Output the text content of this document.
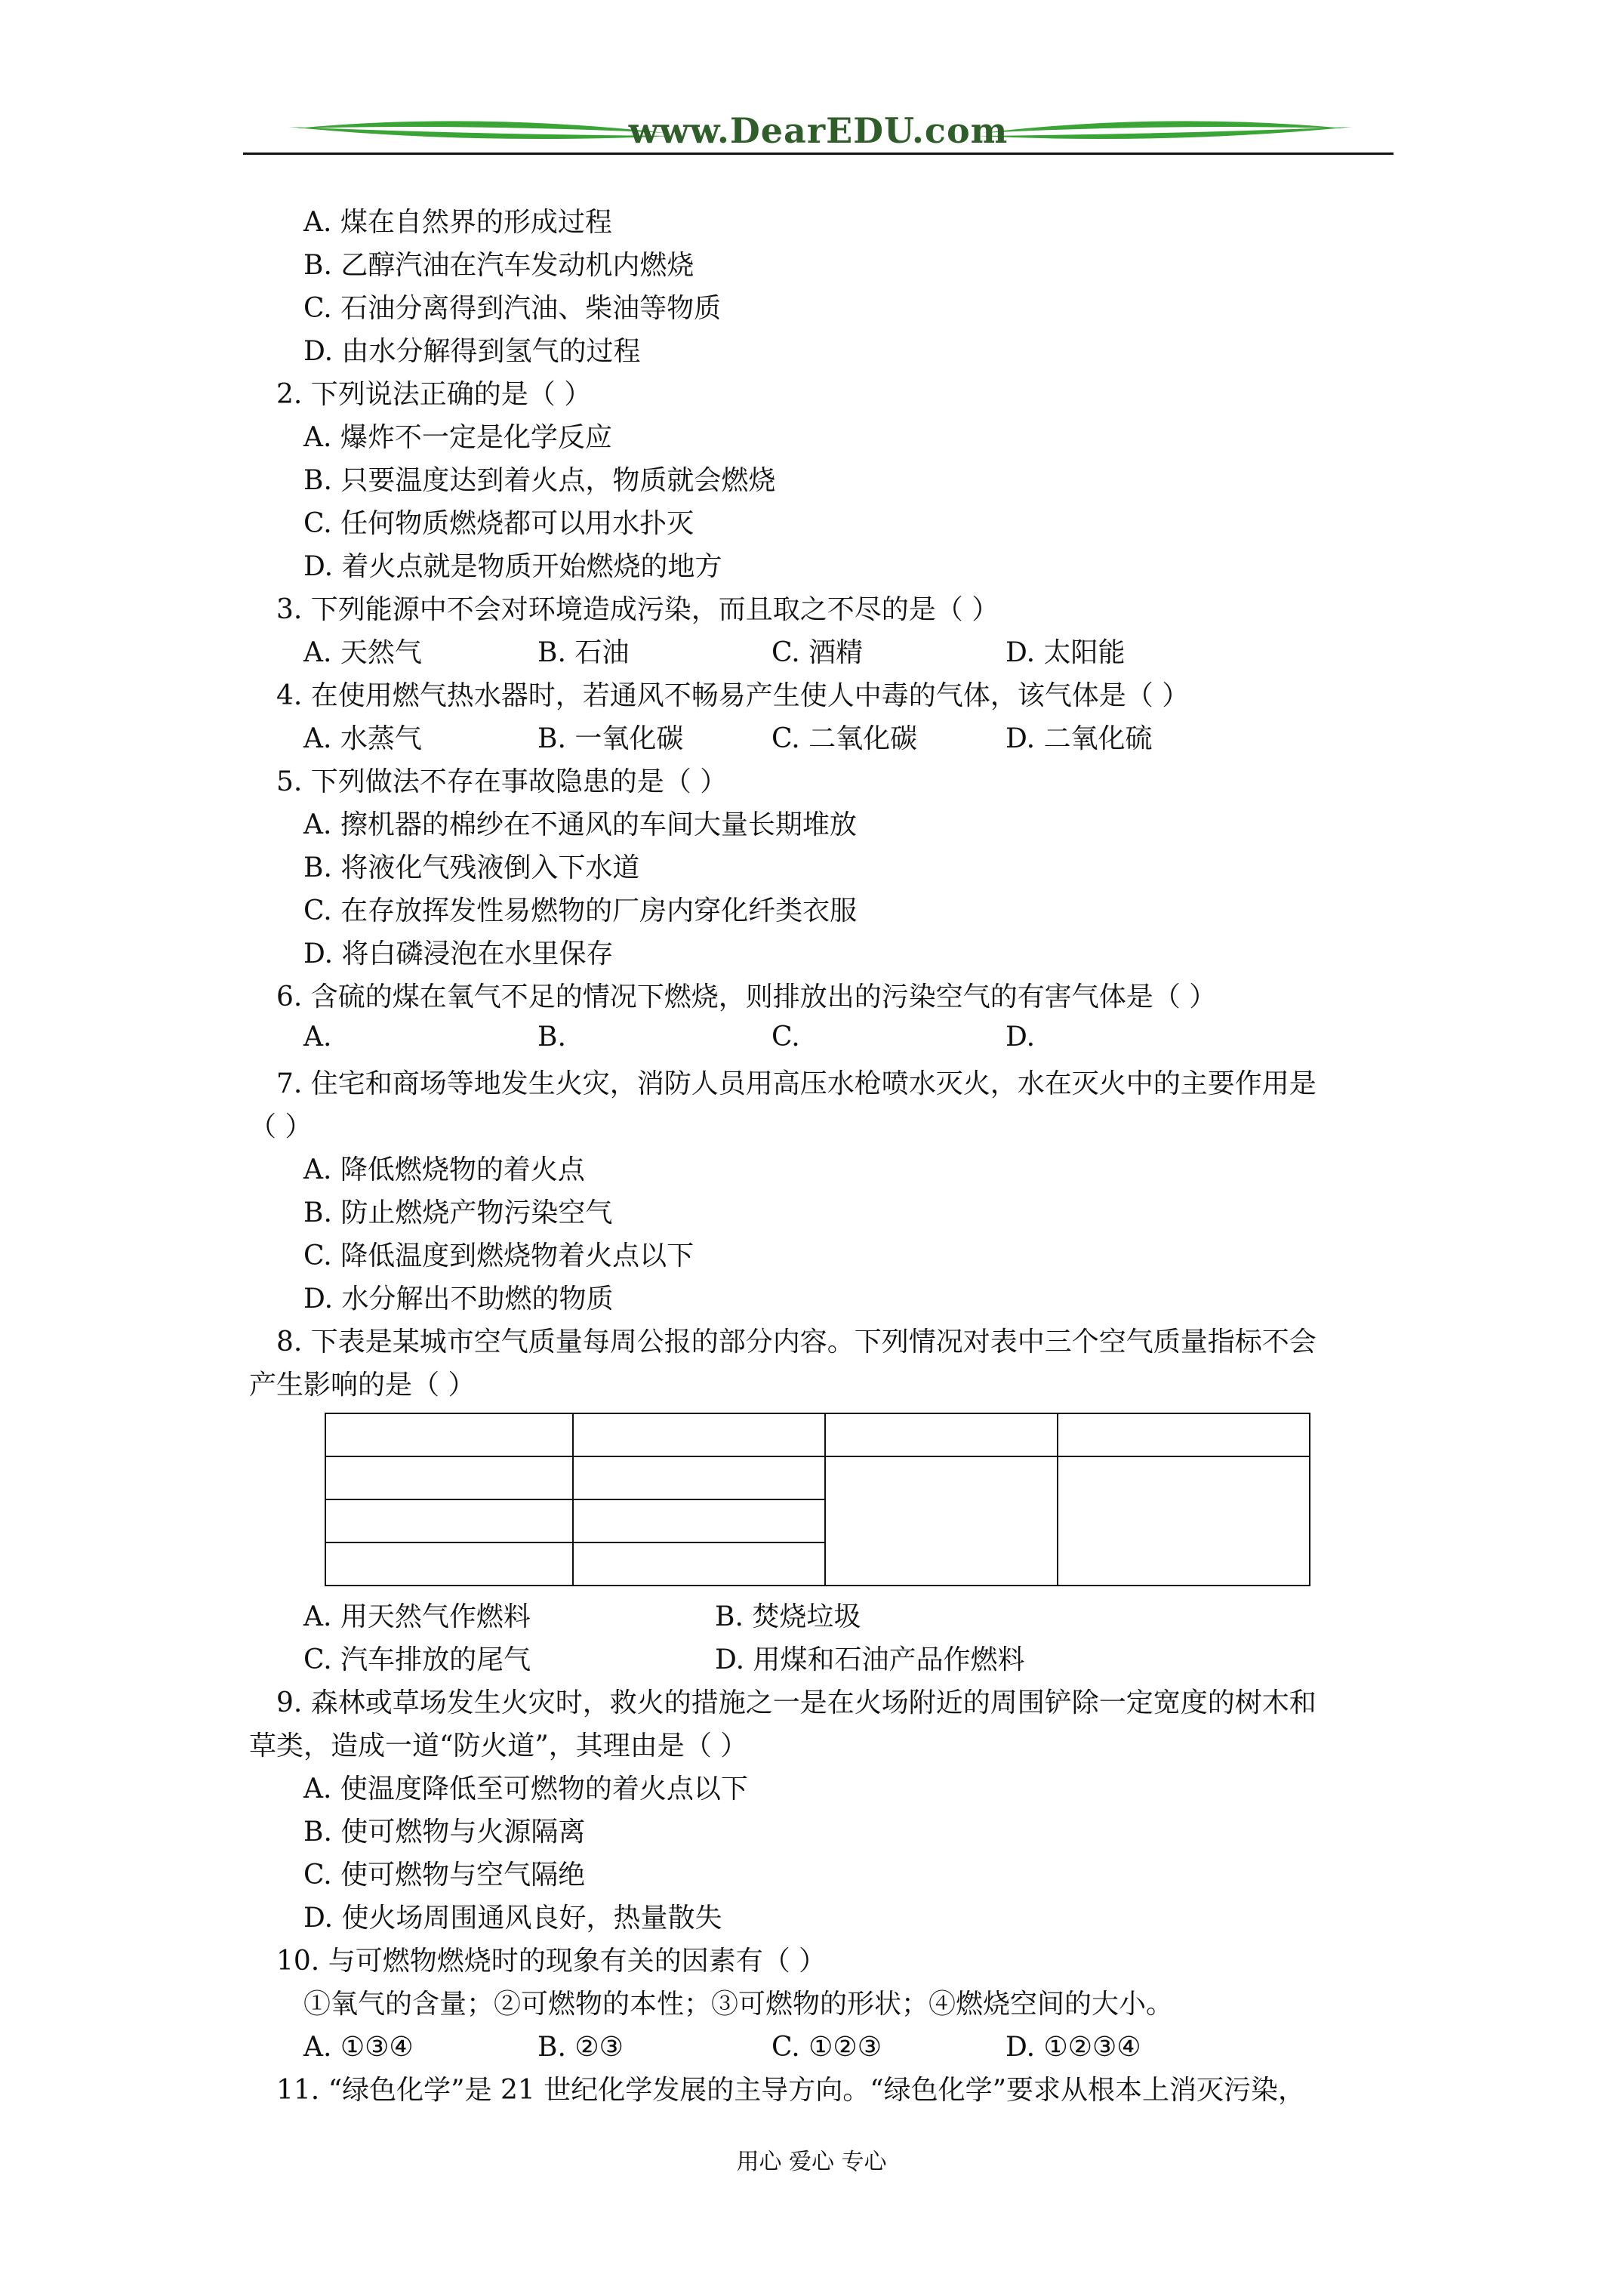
www.DearEDU.com
A. 煤在自然界的形成过程
B. 乙醇汽油在汽车发动机内燃烧
C. 石油分离得到汽油、柴油等物质
D. 由水分解得到氢气的过程
2. 下列说法正确的是（ ）
A. 爆炸不一定是化学反应
B. 只要温度达到着火点，物质就会燃烧
C. 任何物质燃烧都可以用水扑灭
D. 着火点就是物质开始燃烧的地方
3. 下列能源中不会对环境造成污染，而且取之不尽的是（ ）
A. 天然气	B. 石油	C. 酒精	D. 太阳能
4. 在使用燃气热水器时，若通风不畅易产生使人中毒的气体，该气体是（ ）
A. 水蒸气	B. 一氧化碳	C. 二氧化碳	D. 二氧化硫
5. 下列做法不存在事故隐患的是（ ）
A. 擦机器的棉纱在不通风的车间大量长期堆放
B. 将液化气残液倒入下水道
C. 在存放挥发性易燃物的厂房内穿化纤类衣服
D. 将白磷浸泡在水里保存
6. 含硫的煤在氧气不足的情况下燃烧，则排放出的污染空气的有害气体是（ ）
A.	B.	C.	D.
7. 住宅和商场等地发生火灾，消防人员用高压水枪喷水灭火，水在灭火中的主要作用是
（ ）
A. 降低燃烧物的着火点
B. 防止燃烧产物污染空气
C. 降低温度到燃烧物着火点以下
D. 水分解出不助燃的物质
8. 下表是某城市空气质量每周公报的部分内容。下列情况对表中三个空气质量指标不会
产生影响的是（ ）

A. 用天然气作燃料	B. 焚烧垃圾
C. 汽车排放的尾气	D. 用煤和石油产品作燃料
9. 森林或草场发生火灾时，救火的措施之一是在火场附近的周围铲除一定宽度的树木和
草类，造成一道“防火道”，其理由是（ ）
A. 使温度降低至可燃物的着火点以下
B. 使可燃物与火源隔离
C. 使可燃物与空气隔绝
D. 使火场周围通风良好，热量散失
10. 与可燃物燃烧时的现象有关的因素有（ ）
①氧气的含量；②可燃物的本性；③可燃物的形状；④燃烧空间的大小。
A. ①③④	B. ②③	C. ①②③	D. ①②③④
11. “绿色化学”是 21 世纪化学发展的主导方向。“绿色化学”要求从根本上消灭污染，
用心 爱心 专心
